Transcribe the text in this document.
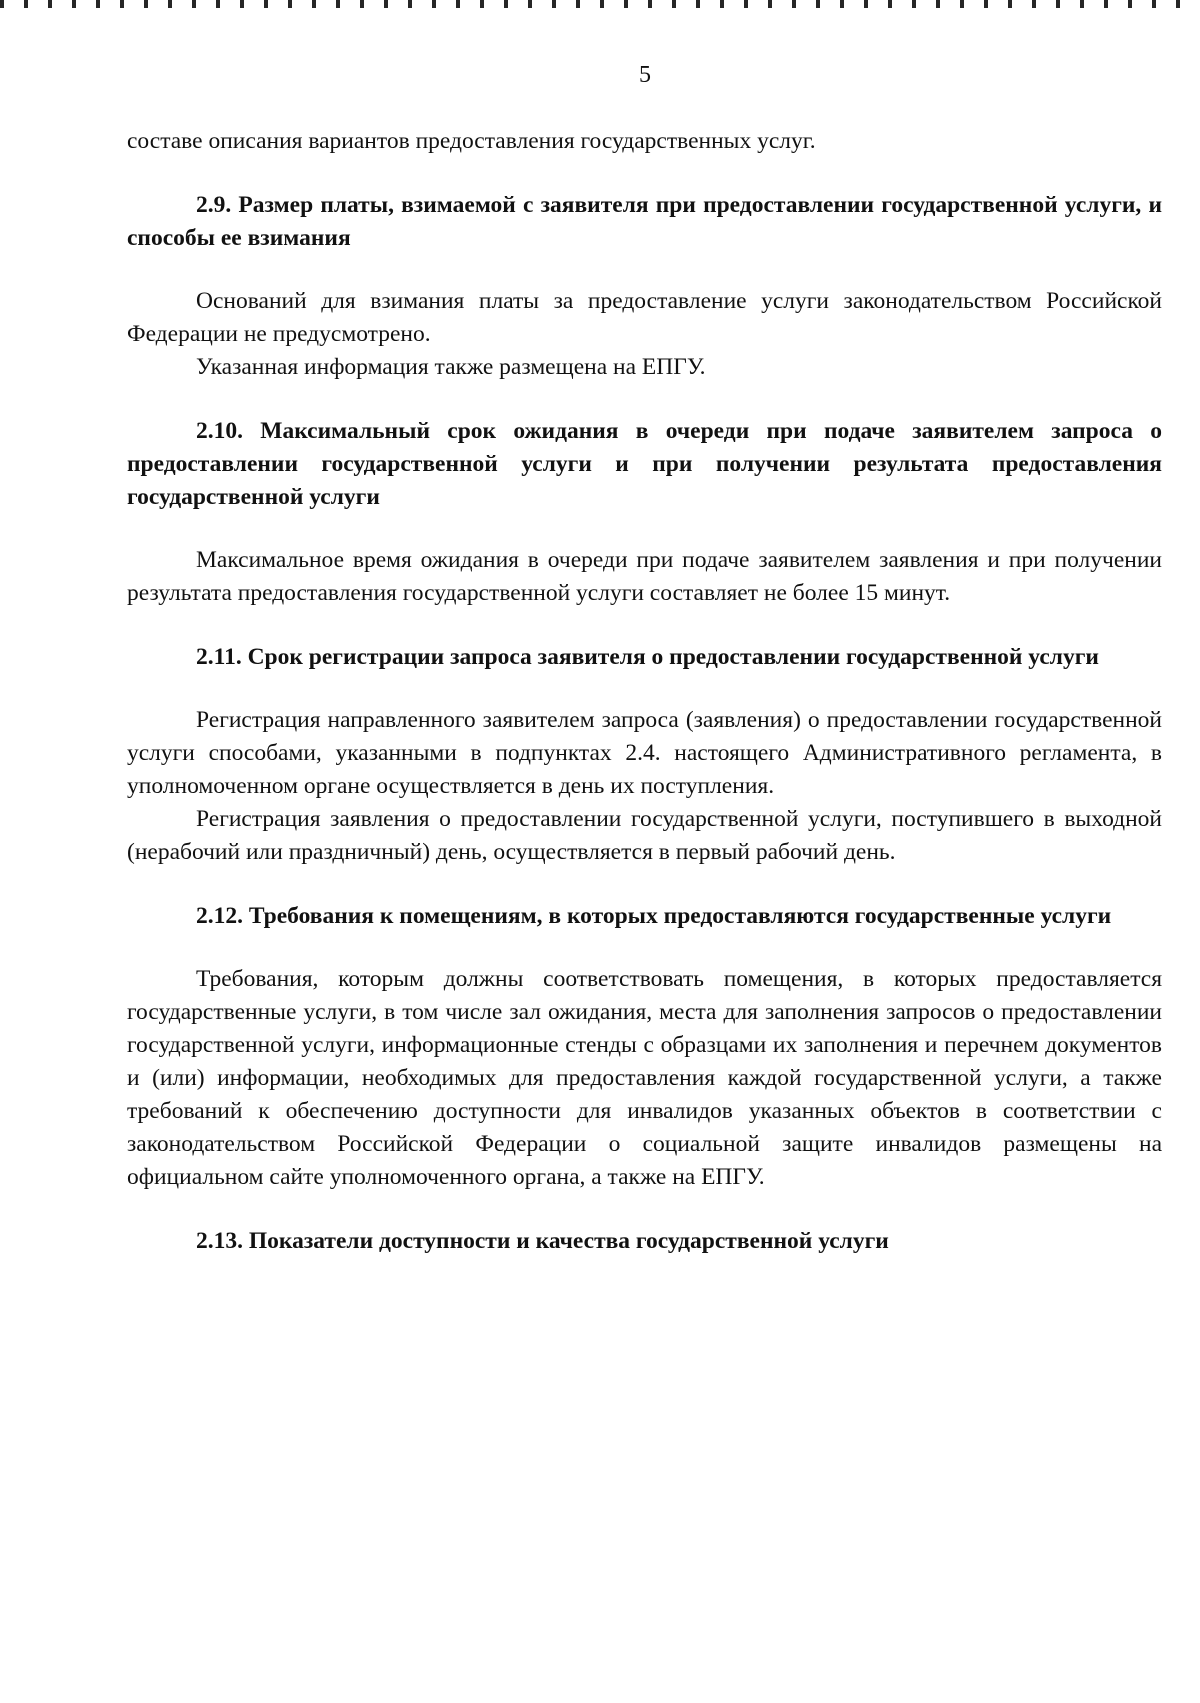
5

составе описания вариантов предоставления государственных услуг.

2.9. Размер платы, взимаемой с заявителя при предоставлении государственной услуги, и способы ее взимания

Оснований для взимания платы за предоставление услуги законодательством Российской Федерации не предусмотрено.

Указанная информация также размещена на ЕПГУ.

2.10. Максимальный срок ожидания в очереди при подаче заявителем запроса о предоставлении государственной услуги и при получении результата предоставления государственной услуги

Максимальное время ожидания в очереди при подаче заявителем заявления и при получении результата предоставления государственной услуги составляет не более 15 минут.

2.11. Срок регистрации запроса заявителя о предоставлении государственной услуги

Регистрация направленного заявителем запроса (заявления) о предоставлении государственной услуги способами, указанными в подпунктах 2.4. настоящего Административного регламента, в уполномоченном органе осуществляется в день их поступления.

Регистрация заявления о предоставлении государственной услуги, поступившего в выходной (нерабочий или праздничный) день, осуществляется в первый рабочий день.

2.12. Требования к помещениям, в которых предоставляются государственные услуги

Требования, которым должны соответствовать помещения, в которых предоставляется государственные услуги, в том числе зал ожидания, места для заполнения запросов о предоставлении государственной услуги, информационные стенды с образцами их заполнения и перечнем документов и (или) информации, необходимых для предоставления каждой государственной услуги, а также требований к обеспечению доступности для инвалидов указанных объектов в соответствии с законодательством Российской Федерации о социальной защите инвалидов размещены на официальном сайте уполномоченного органа, а также на ЕПГУ.

2.13. Показатели доступности и качества государственной услуги
